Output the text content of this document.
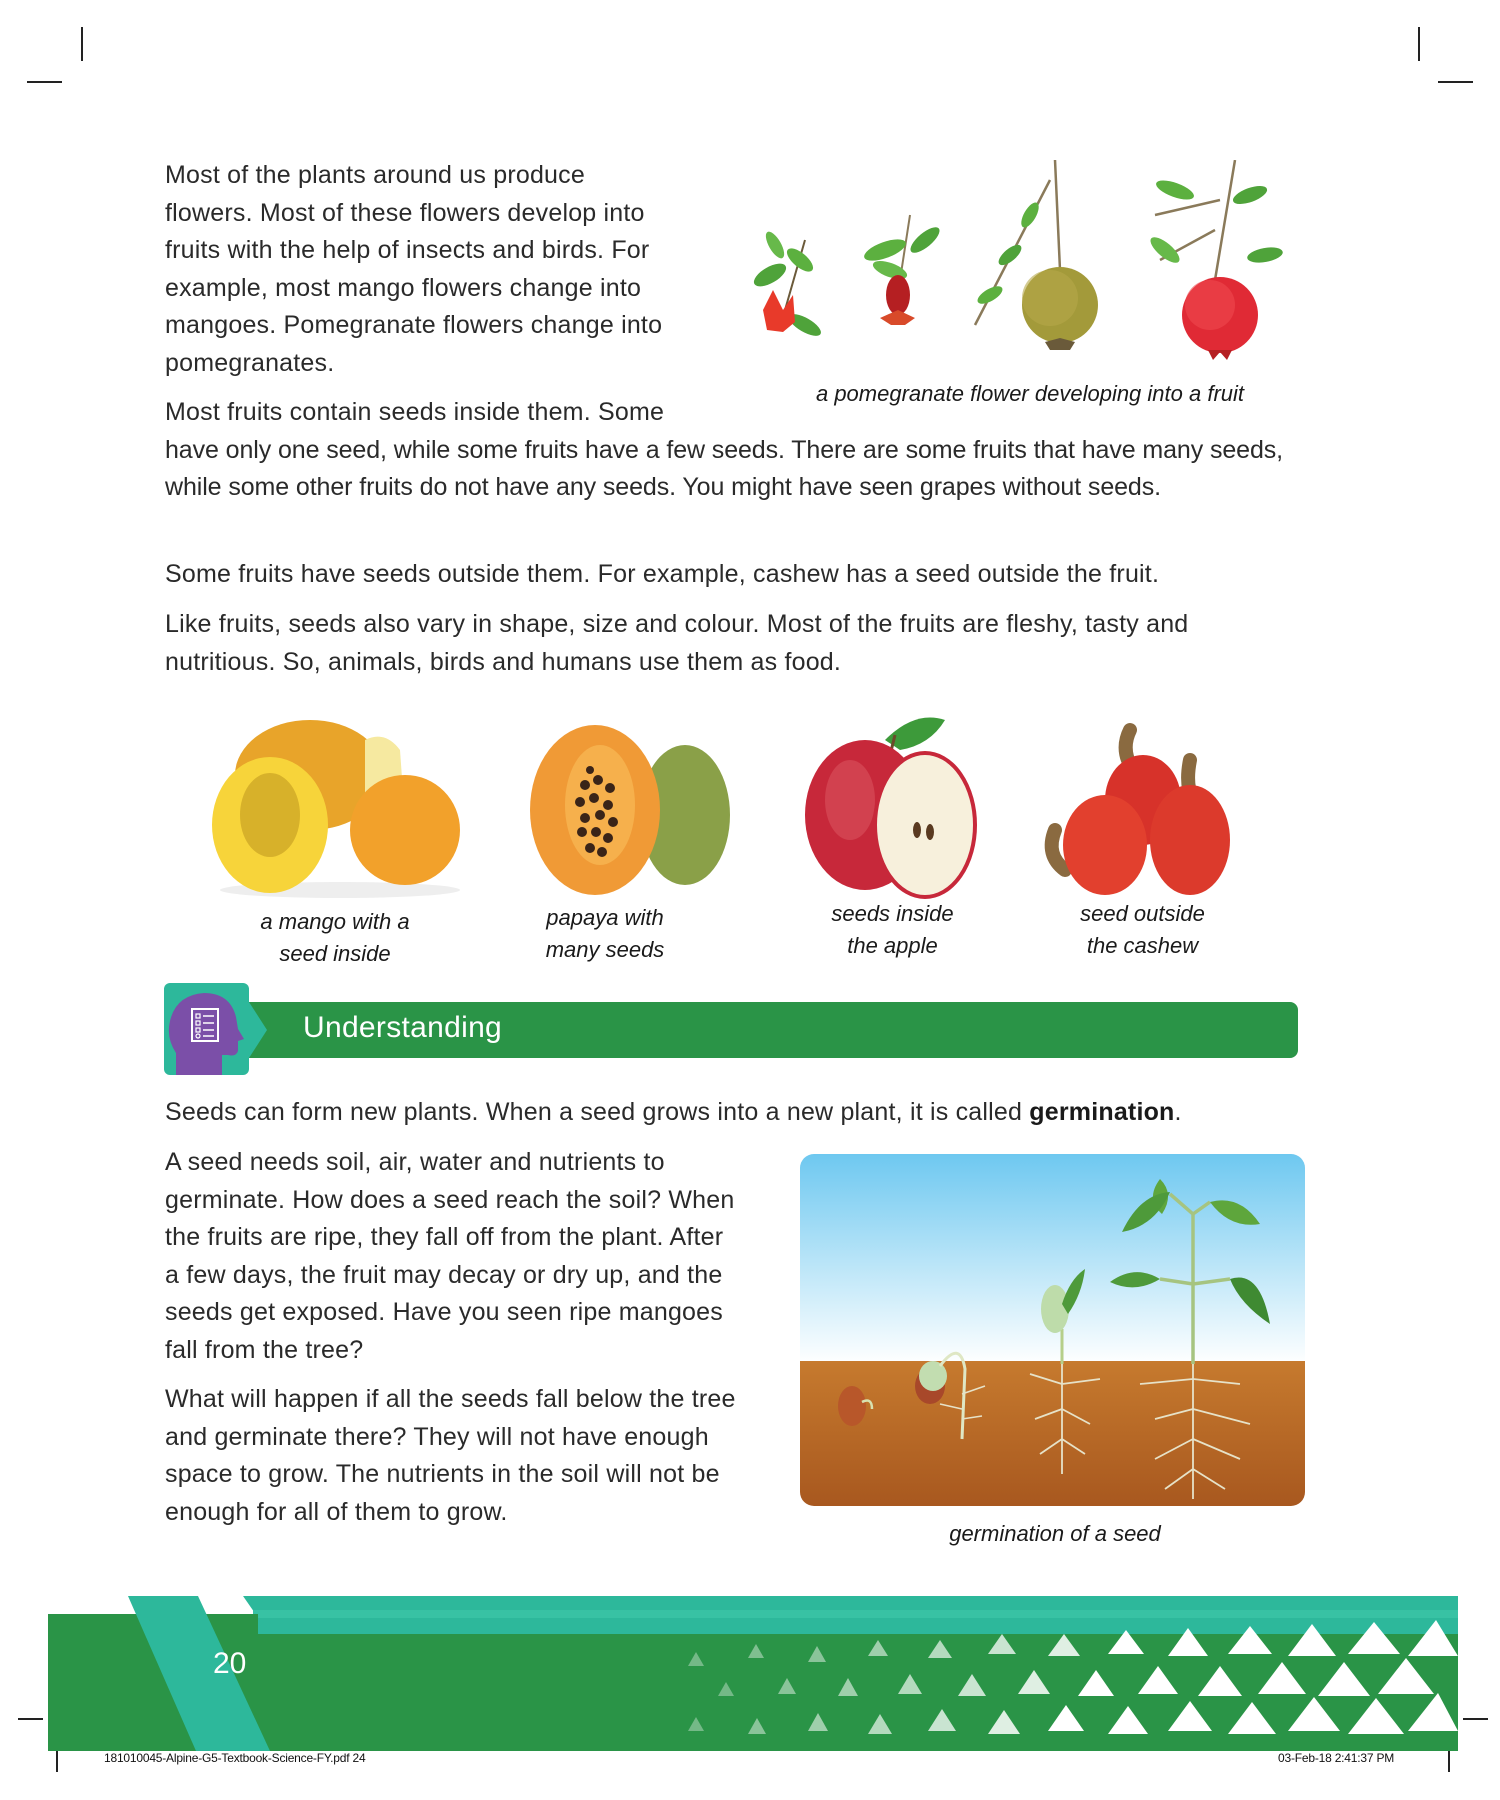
Most of the plants around us produce

flowers. Most of these flowers develop into

fruits with the help of insects and birds. For

example, most mango flowers change into

mangoes. Pomegranate flowers change into

pomegranates.

Most fruits contain seeds inside them. Some

have only one seed, while some fruits have a few seeds. There are some fruits that have many seeds, while some other fruits do not have any seeds. You might have seen grapes without seeds.

Some fruits have seeds outside them. For example, cashew has a seed outside the fruit.

Like fruits, seeds also vary in shape, size and colour. Most of the fruits are fleshy, tasty and nutritious. So, animals, birds and humans use them as food.

a pomegranate flower developing into a fruit
a mango with a
seed inside
papaya with
many seeds
seeds inside
the apple
seed outside
the cashew
Understanding

Seeds can form new plants. When a seed grows into a new plant, it is called germination.

A seed needs soil, air, water and nutrients to

germinate. How does a seed reach the soil? When

the fruits are ripe, they fall off from the plant. After

a few days, the fruit may decay or dry up, and the

seeds get exposed. Have you seen ripe mangoes

fall from the tree?

What will happen if all the seeds fall below the tree

and germinate there? They will not have enough

space to grow. The nutrients in the soil will not be

enough for all of them to grow.

germination of a seed
20
181010045-Alpine-G5-Textbook-Science-FY.pdf 24	03-Feb-18 2:41:37 PM
